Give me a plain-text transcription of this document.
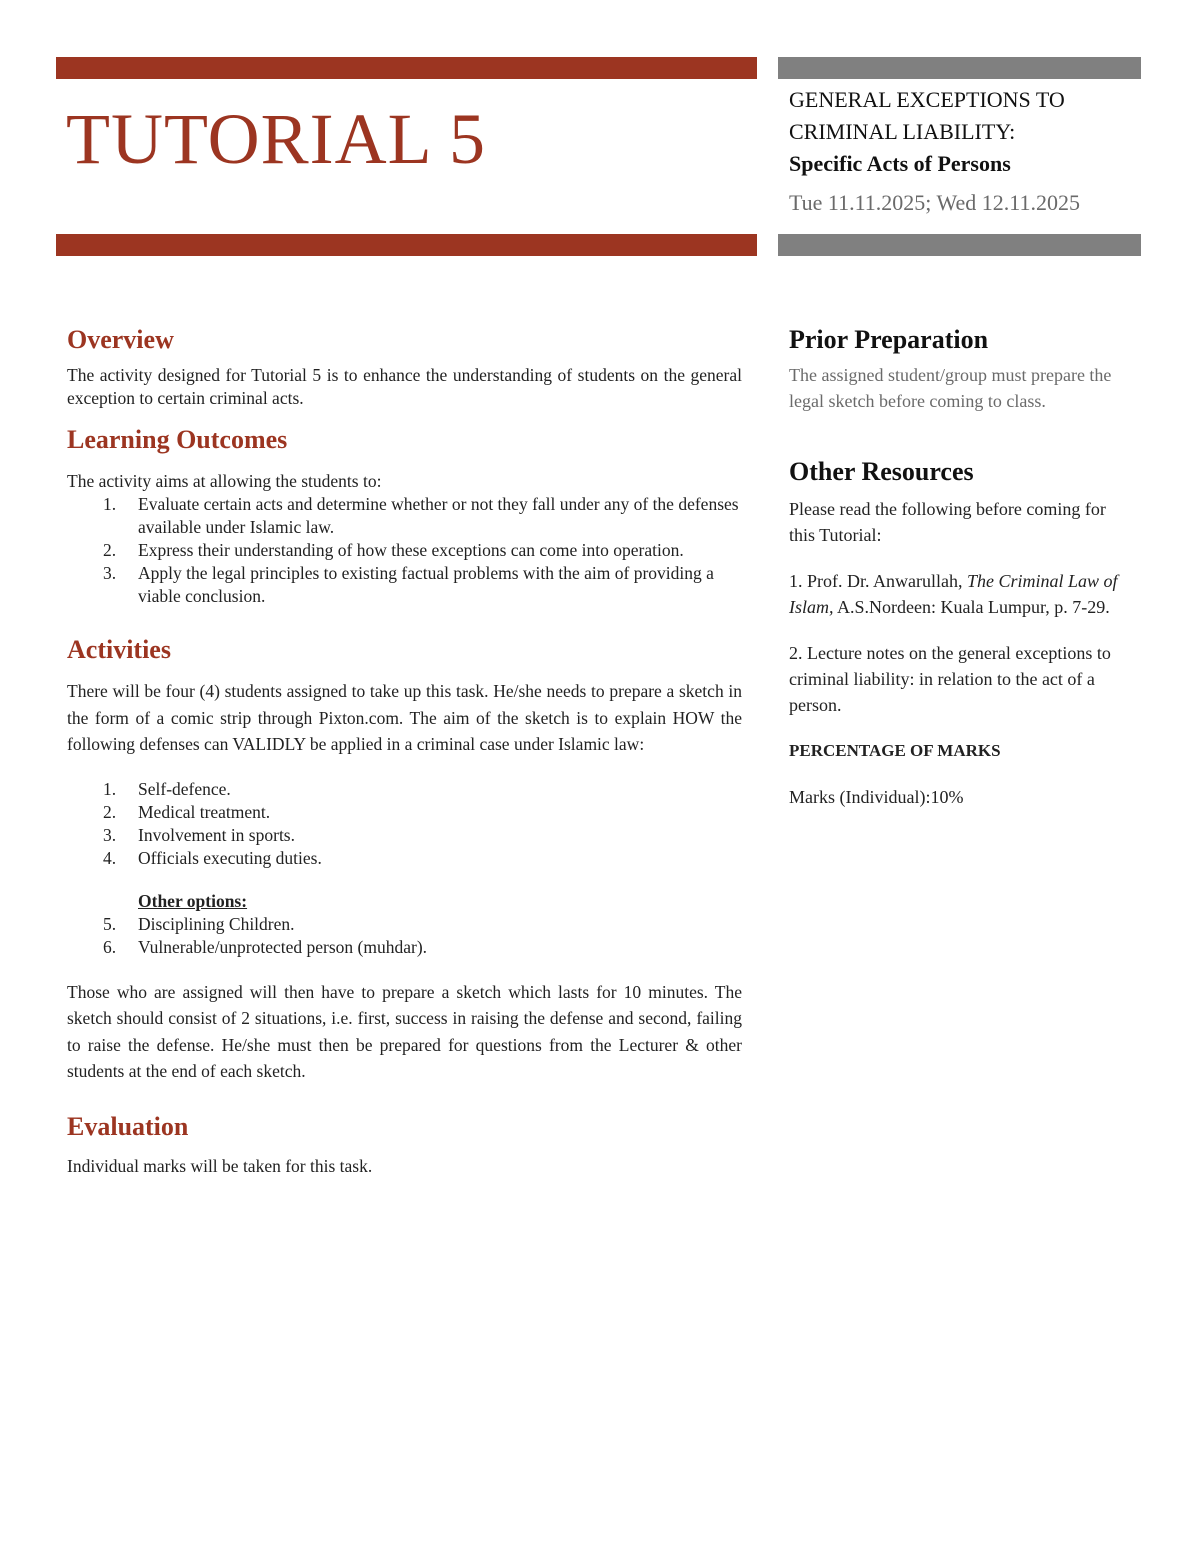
TUTORIAL 5	GENERAL EXCEPTIONS TO
CRIMINAL LIABILITY:
Specific Acts of Persons
Tue 11.11.2025; Wed 12.11.2025
Overview

The activity designed for Tutorial 5 is to enhance the understanding of students on the general exception to certain criminal acts.

Learning Outcomes

The activity aims at allowing the students to:

1. Evaluate certain acts and determine whether or not they fall under any of the defenses available under Islamic law.
2. Express their understanding of how these exceptions can come into operation.
3. Apply the legal principles to existing factual problems with the aim of providing a viable conclusion.
Activities

There will be four (4) students assigned to take up this task. He/she needs to prepare a sketch in the form of a comic strip through Pixton.com. The aim of the sketch is to explain HOW the following defenses can VALIDLY be applied in a criminal case under Islamic law:

1. Self-defence.
2. Medical treatment.
3. Involvement in sports.
4. Officials executing duties.
Other options:
5. Disciplining Children.
6. Vulnerable/unprotected person (muhdar).

Those who are assigned will then have to prepare a sketch which lasts for 10 minutes. The sketch should consist of 2 situations, i.e. first, success in raising the defense and second, failing to raise the defense. He/she must then be prepared for questions from the Lecturer & other students at the end of each sketch.

Evaluation

Individual marks will be taken for this task.

Prior Preparation

The assigned student/group must prepare the legal sketch before coming to class.

Other Resources

Please read the following before coming for this Tutorial:

1. Prof. Dr. Anwarullah, The Criminal Law of Islam, A.S.Nordeen: Kuala Lumpur, p. 7-29.

2. Lecture notes on the general exceptions to criminal liability: in relation to the act of a person.

PERCENTAGE OF MARKS

Marks (Individual):10%
